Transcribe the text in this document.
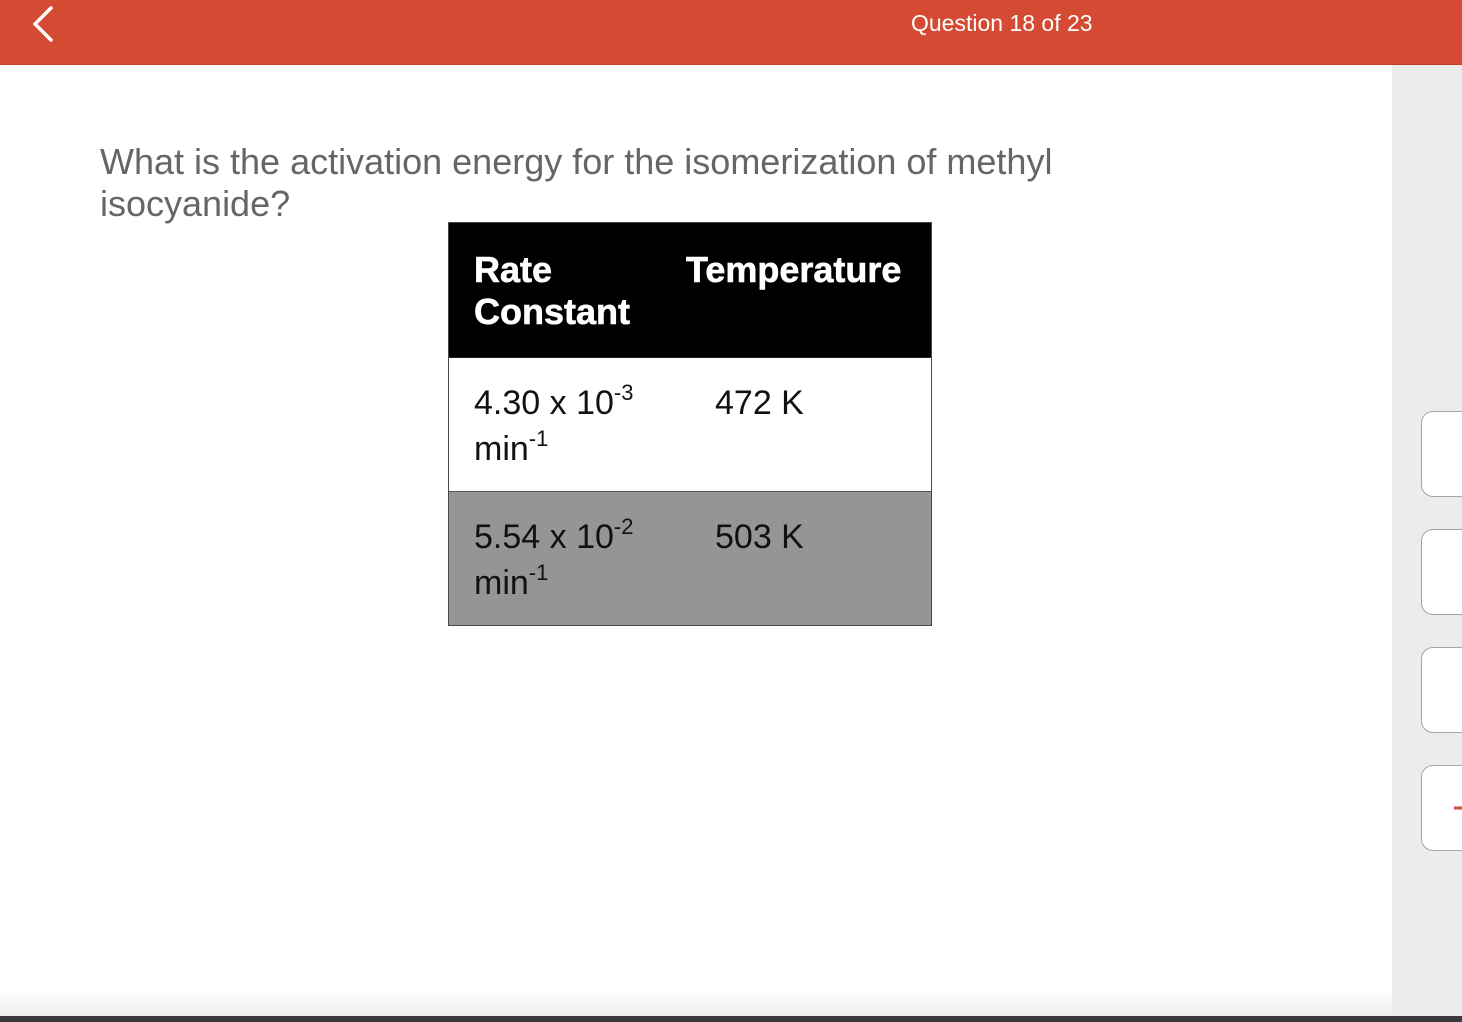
Question 18 of 23
What is the activation energy for the isomerization of methyl isocyanide?
Rate Constant
Temperature
4.30 x $10^{-3}$
$\min^{-1}$
472 K
5.54 x $10^{-2}$
$\min^{-1}$
503 K
